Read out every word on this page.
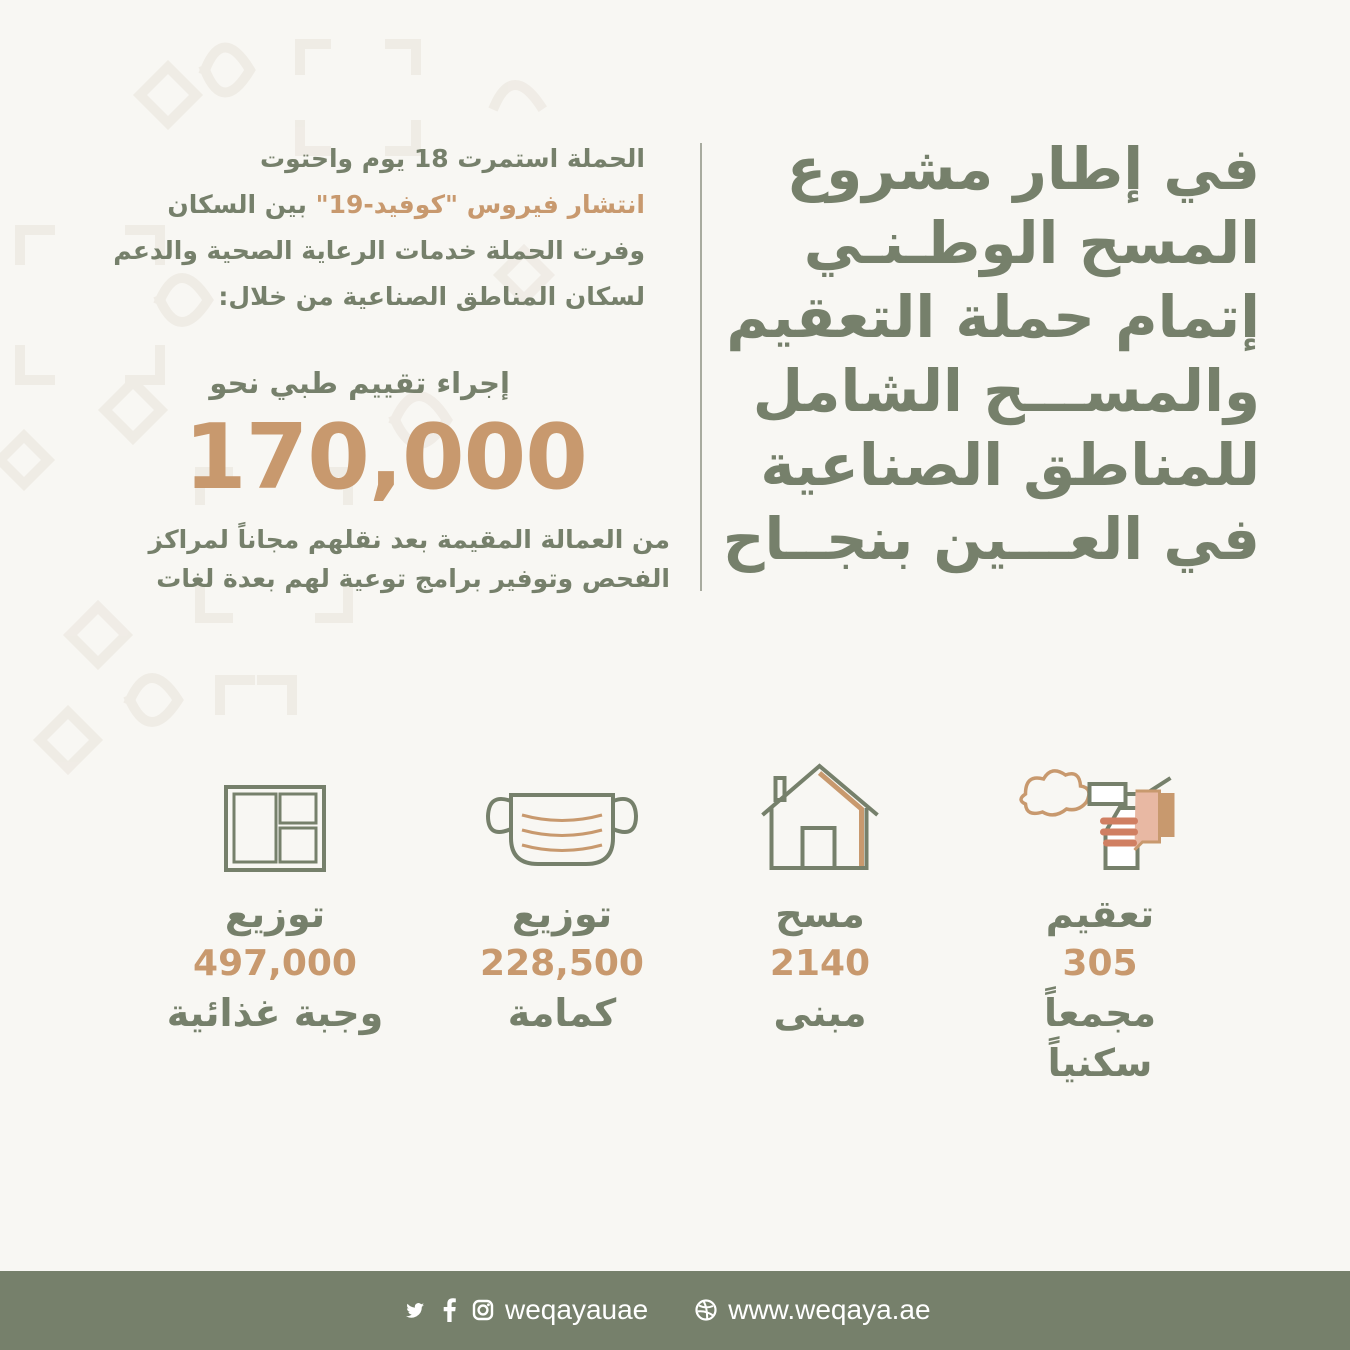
في إطار مشروع
المسح الوطـنـي
إتمام حملة التعقيم
والمســـح الشامل
للمناطق الصناعية
في العـــين بنجــاح
الحملة استمرت 18 يوم واحتوت
انتشار فيروس "كوفيد-19" بين السكان
وفرت الحملة خدمات الرعاية الصحية والدعم
لسكان المناطق الصناعية من خلال:
إجراء تقييم طبي نحو
170,000
من العمالة المقيمة بعد نقلهم مجاناً لمراكز
الفحص وتوفير برامج توعية لهم بعدة لغات
تعقيم
305
مجمعاً
سكنياً
مسح
2140
مبنى
توزيع
228,500
كمامة
توزيع
497,000
وجبة غذائية
weqayauae	www.weqaya.ae
